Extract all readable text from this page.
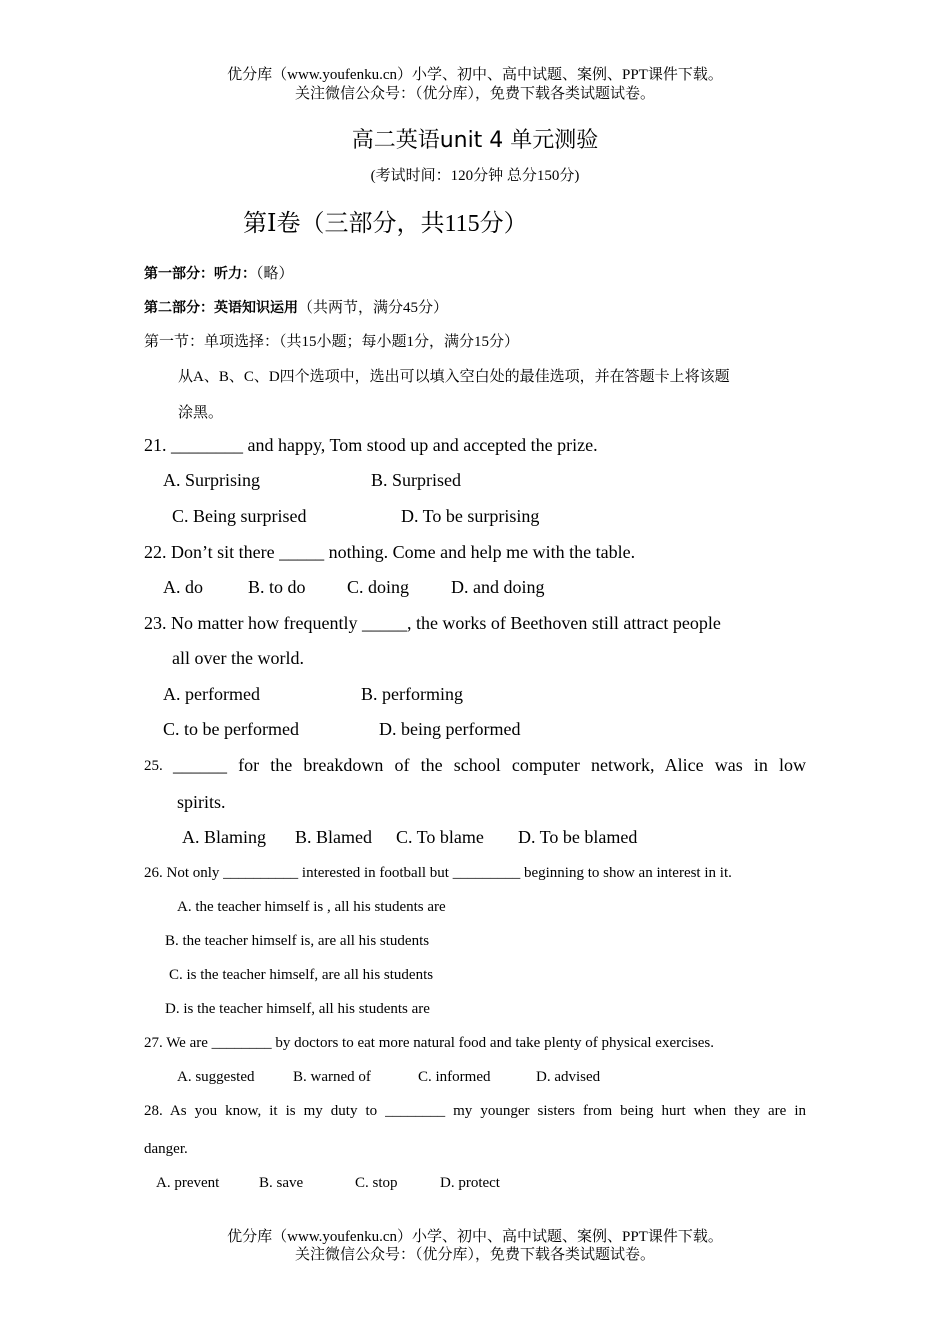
优分库（www.youfenku.cn）小学、初中、高中试题、案例、PPT课件下载。
关注微信公众号：（优分库），免费下载各类试题试卷。
高二英语unit 4 单元测验
(考试时间：120分钟 总分150分)
第Ⅰ卷（三部分，共115分）
第一部分：听力：（略）
第二部分：英语知识运用（共两节，满分45分）
第一节：单项选择：（共15小题；每小题1分，满分15分）
从A、B、C、D四个选项中，选出可以填入空白处的最佳选项，并在答题卡上将该题
涂黑。
21. ________ and happy, Tom stood up and accepted the prize.
A. Surprising	B. Surprised
C. Being surprised	D. To be surprising
22. Don’t sit there _____ nothing. Come and help me with the table.
A. do	B. to do C. doing D. and doing
23. No matter how frequently _____, the works of Beethoven still attract people
all over the world.
A. performed	B. performing
C. to be performed	D. being performed
25. ______ for the breakdown of the school computer network, Alice was in low
spirits.
A. Blaming B. Blamed C. To blame D. To be blamed
26. Not only __________ interested in football but _________ beginning to show an interest in it.
A. the teacher himself is , all his students are
B. the teacher himself is, are all his students
C. is the teacher himself, are all his students
D. is the teacher himself, all his students are
27. We are ________ by doctors to eat more natural food and take plenty of physical exercises.
A. suggested	B. warned of	C. informed	D. advised
28. As you know, it is my duty to ________ my younger sisters from being hurt when they are in
danger.
A. prevent	B. save	C. stop	D. protect
优分库（www.youfenku.cn）小学、初中、高中试题、案例、PPT课件下载。
关注微信公众号：（优分库），免费下载各类试题试卷。
